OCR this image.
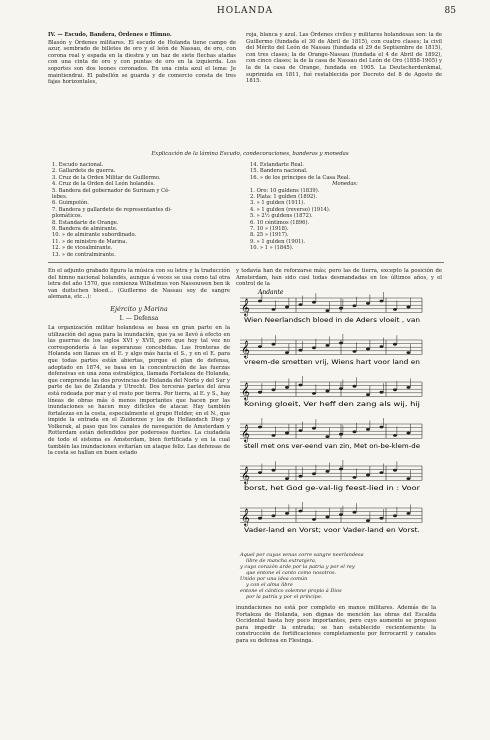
HOLANDA	85

IV. — Escudo, Bandera, Órdenes e Himno.

Blasón y Órdenes militares. El escudo de Holanda tiene campo de azur, sembrado de billetes de oro y el león de Nassau, de oro, con corona real y espada en la diestra y un haz de siete flechas atadas con una cinta de oro y con puntas de oro en la izquierda. Los soportes son dos leones coronados. En una cinta azul el lema: Je maintiendrai. El pabellón se guarda y de comercio consta de tres fajas horizontales,

roja, blanca y azul. Las Órdenes civiles y militares holandesas son: la de Guillermo (fundada el 30 de Abril de 1815), con cuatro clases; la civil del Mérito del León de Nassau (fundada el 29 de Septiembre de 1815), con tres clases; la de Orange-Nassau (fundada el 4 de Abril de 1892), con cinco clases; la de la casa de Nassau del León de Oro (1858-1905) y la de la casa de Orange, fundada en 1905. La Deutscherdenkmal, suprimida en 1811, fué restablecida por Decreto del 8 de Agosto de 1815.

Explicación de la lámina Escudo, condecoraciones, banderas y monedas
1. Escudo nacional.
2. Gallardete de guerra.
3. Cruz de la Orden Militar de Guillermo.
4. Cruz de la Orden del León holandés.
5. Bandera del gobernador de Surinam y Cé-
lebes.
6. Guimpolón.
7. Bandera y gallardete de representantes di-
plomáticos.
8. Estandarte de Orange.
9. Bandera de almirante.
10. » de almirante subordinado.
11. » de ministro de Marina.
12. » de vicealmirante.
13. » de contralmirante.
14. Estandarte Real.
15. Bandera nacional.
16. » de los príncipes de la Casa Real.
Monedas:
1. Oro: 10 guldens (1839).
2. Plata: 1 gulden (1892).
3. » 1 gulden (1911).
4. » 1 gulden (reverso) (1914).
5. » 2½ guldens (1872).
6. 10 céntimos (1896).
7. 10 » (1918).
8. 25 » (1917).
9. » 1 gulden (1901).
10. » 1 » (1845).

En el adjunto grabado figura la música con su letra y la traducción del himno nacional holandés, aunque á veces se usa como tal otra letra del año 1570, que comienza Wilhelmus von Nassouwen ben ik van duitschen bloed... (Guillermo de Nassau soy de sangre alemana, etc...):

Ejército y Marina
I. — Defensa

La organización militar holandesa se basa en gran parte en la utilización del agua para la inundación, que ya se llevó á efecto en las guerras de los siglos XVI y XVII, pero que hoy tal vez no correspondería á las esperanzas concebidas. Las fronteras de Holanda son llanas en el E. y algo más hacia el S., y en el E. para que todas partes están abiertas, porque el plan de defensa, adoptado en 1874, se basa en la concentración de las fuerzas defensivas en una zona estratégica, llamada Fortaleza de Holanda, que comprende las dos provincias de Holanda del Norte y del Sur y parte de las de Zelanda y Utrecht. Dos terceras partes del área está rodeada por mar y el resto por tierra. Por tierra, al E. y S., hay líneas de obras más ó menos importantes que hacen por las inundaciones se hacen muy difíciles de atacar. Hay también fortalezas en la costa, especialmente el grupo Helder, en el N., que impide la entrada en el Zuiderzee y los de Hollandsch Diep y Volkerak, al paso que los canales de navegación de Amsterdam y Rotterdam están defendidos por poderosos fuertes. La ciudadela de todo el sistema es Amsterdam, bien fortificada y en la cual también las inundaciones evitarían un ataque feliz. Las defensas de la costa se hallan en buen estado

y todavía han de reforzarse más; pero las de tierra, excepto la posición de Amsterdam, han sido casi todas desmandadas en los últimos años, y el control de la

Andante
𝄞
Wien Neerlandsch bloed in de Aders vloeit , van
𝄞
vreem-de smetten vrij, Wiens hart voor land en
𝄞
Koning gloeit, Ver heff den zang als wij, hij
𝄞
stell met ons ver-eend van zin, Met on-be-klem-de
𝄞
borst, het God ge-val-lig feest-lied in : Voor
𝄞
Vader-land en Vorst; voor Vader-land en Vorst.
Aquel por cuyas venas corre sangre neerlandesa
libre de mancha extranjera,
y cuyo corazón arde por la patria y por el rey
que entone el canto como nosotros.
Unido por una idea común
y con el alma libre
entone el cántico solemne propio á Dios
por la patria y por el príncipe.

inundaciones no está por completo en manos militares. Además de la Fortaleza de Holanda, son dignas de mención las obras del Escalda Occidental hasta hoy poco importantes, pero cuyo aumento se propuso para impedir la entrada; se han establecido recientemente la construcción de fortificaciones completamente por ferrocarril y canales para su defensa en Flesinga.
